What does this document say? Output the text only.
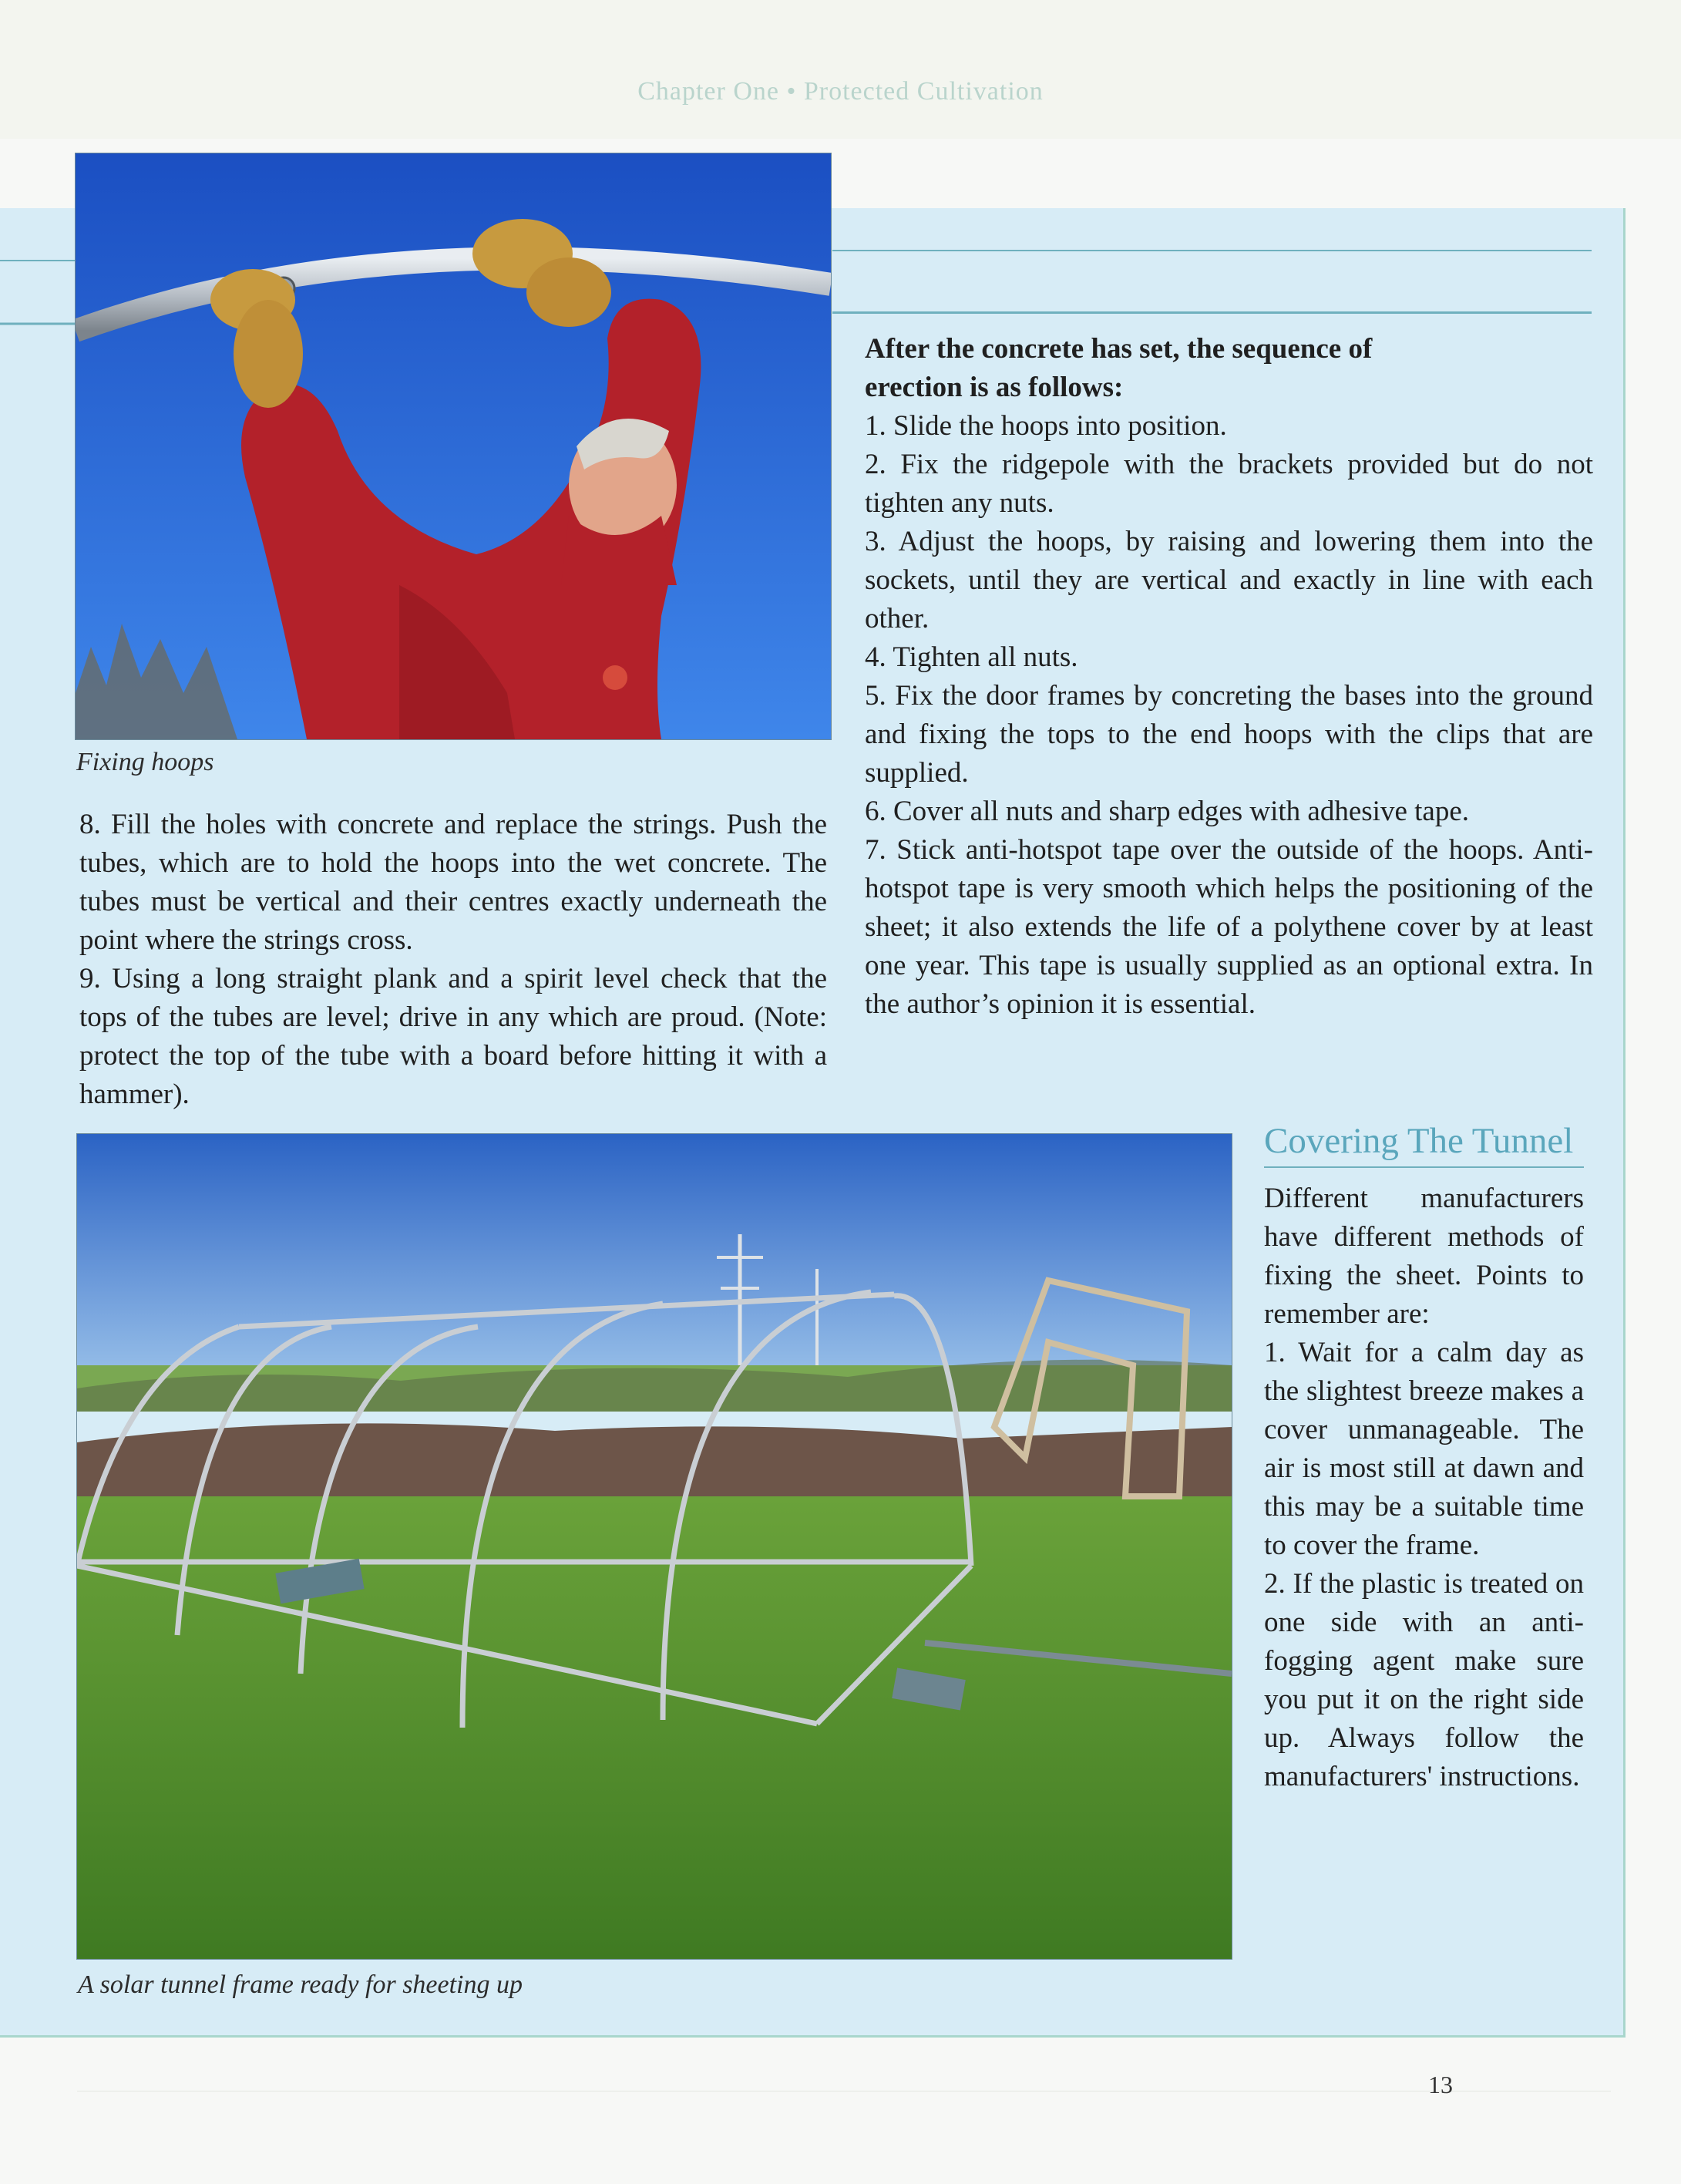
Chapter One • Protected Cultivation
Fixing hoops

8. Fill the holes with concrete and replace the strings. Push the tubes, which are to hold the hoops into the wet concrete. The tubes must be vertical and their centres exactly underneath the point where the strings cross.

9. Using a long straight plank and a spirit level check that the tops of the tubes are level; drive in any which are proud. (Note: protect the top of the tube with a board before hitting it with a hammer).

After the concrete has set, the sequence of erection is as follows:

1. Slide the hoops into position.

2. Fix the ridgepole with the brackets provided but do not tighten any nuts.

3. Adjust the hoops, by raising and lowering them into the sockets, until they are vertical and exactly in line with each other.

4. Tighten all nuts.

5. Fix the door frames by concreting the bases into the ground and fixing the tops to the end hoops with the clips that are supplied.

6. Cover all nuts and sharp edges with adhesive tape.

7. Stick anti-hotspot tape over the outside of the hoops. Anti-hotspot tape is very smooth which helps the positioning of the sheet; it also extends the life of a polythene cover by at least one year. This tape is usually supplied as an optional extra. In the author’s opinion it is essential.

A solar tunnel frame ready for sheeting up
Covering The Tunnel

Different manufacturers have different methods of fixing the sheet. Points to remember are:

1. Wait for a calm day as the slightest breeze makes a cover unmanageable. The air is most still at dawn and this may be a suitable time to cover the frame.

2. If the plastic is treated on one side with an anti-fogging agent make sure you put it on the right side up. Always follow the manufacturers' instructions.

13
